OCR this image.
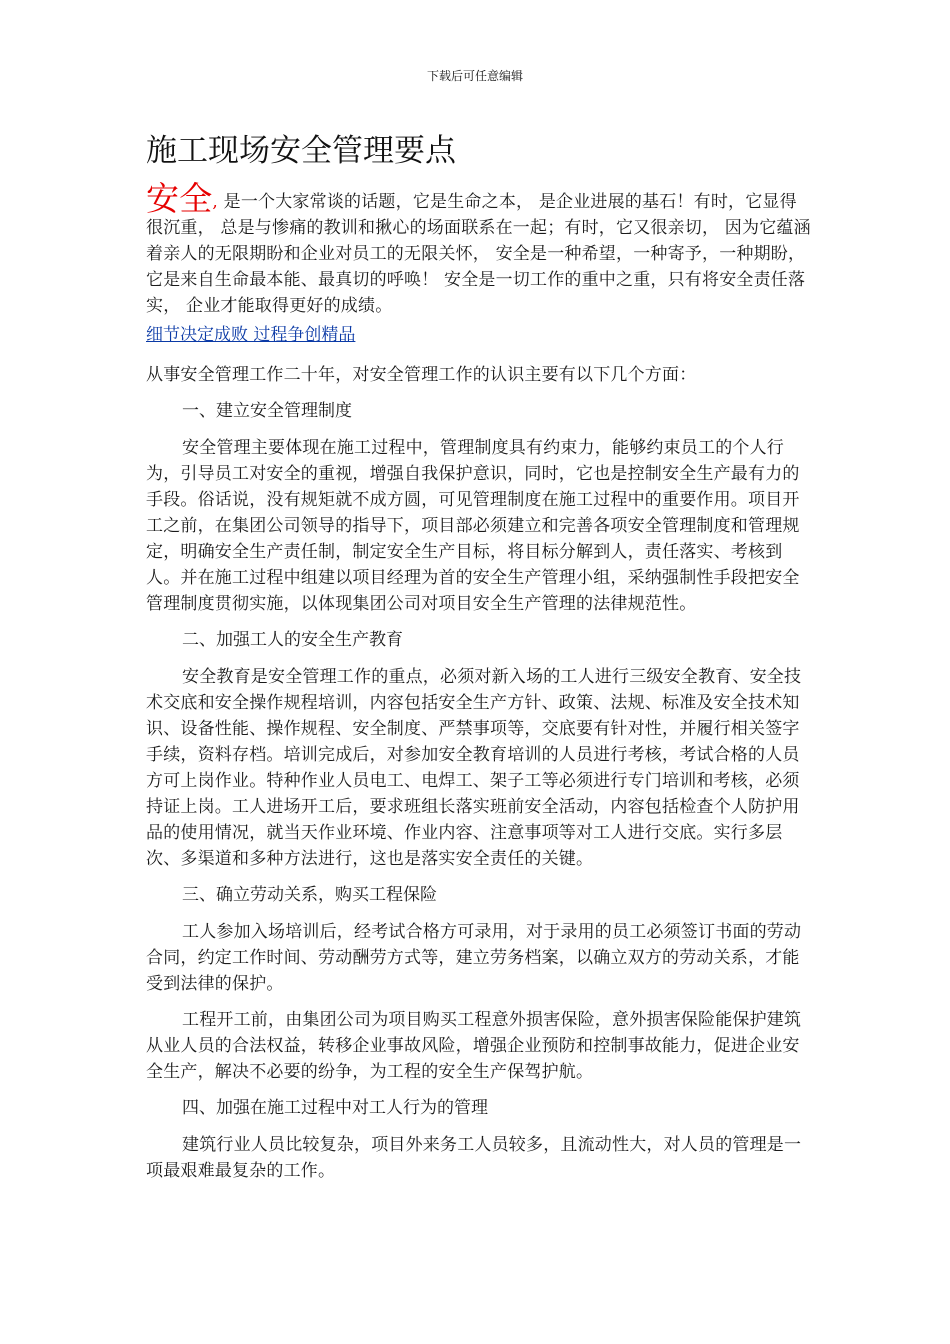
下载后可任意编辑
施工现场安全管理要点

安全, 是一个大家常谈的话题，它是生命之本， 是企业进展的基石！有时，它显得很沉重， 总是与惨痛的教训和揪心的场面联系在一起；有时，它又很亲切， 因为它蕴涵着亲人的无限期盼和企业对员工的无限关怀， 安全是一种希望，一种寄予，一种期盼，它是来自生命最本能、最真切的呼唤！ 安全是一切工作的重中之重，只有将安全责任落实， 企业才能取得更好的成绩。

细节决定成败 过程争创精品

从事安全管理工作二十年，对安全管理工作的认识主要有以下几个方面：

一、建立安全管理制度

安全管理主要体现在施工过程中，管理制度具有约束力，能够约束员工的个人行为，引导员工对安全的重视，增强自我保护意识，同时，它也是控制安全生产最有力的手段。俗话说，没有规矩就不成方圆，可见管理制度在施工过程中的重要作用。项目开工之前，在集团公司领导的指导下，项目部必须建立和完善各项安全管理制度和管理规定，明确安全生产责任制，制定安全生产目标，将目标分解到人，责任落实、考核到人。并在施工过程中组建以项目经理为首的安全生产管理小组，采纳强制性手段把安全管理制度贯彻实施，以体现集团公司对项目安全生产管理的法律规范性。

二、加强工人的安全生产教育

安全教育是安全管理工作的重点，必须对新入场的工人进行三级安全教育、安全技术交底和安全操作规程培训，内容包括安全生产方针、政策、法规、标准及安全技术知识、设备性能、操作规程、安全制度、严禁事项等，交底要有针对性，并履行相关签字手续，资料存档。培训完成后，对参加安全教育培训的人员进行考核，考试合格的人员方可上岗作业。特种作业人员电工、电焊工、架子工等必须进行专门培训和考核，必须持证上岗。工人进场开工后，要求班组长落实班前安全活动，内容包括检查个人防护用品的使用情况，就当天作业环境、作业内容、注意事项等对工人进行交底。实行多层次、多渠道和多种方法进行，这也是落实安全责任的关键。

三、确立劳动关系，购买工程保险

工人参加入场培训后，经考试合格方可录用，对于录用的员工必须签订书面的劳动合同，约定工作时间、劳动酬劳方式等，建立劳务档案，以确立双方的劳动关系，才能受到法律的保护。

工程开工前，由集团公司为项目购买工程意外损害保险，意外损害保险能保护建筑从业人员的合法权益，转移企业事故风险，增强企业预防和控制事故能力，促进企业安全生产，解决不必要的纷争，为工程的安全生产保驾护航。

四、加强在施工过程中对工人行为的管理

建筑行业人员比较复杂，项目外来务工人员较多，且流动性大，对人员的管理是一项最艰难最复杂的工作。
